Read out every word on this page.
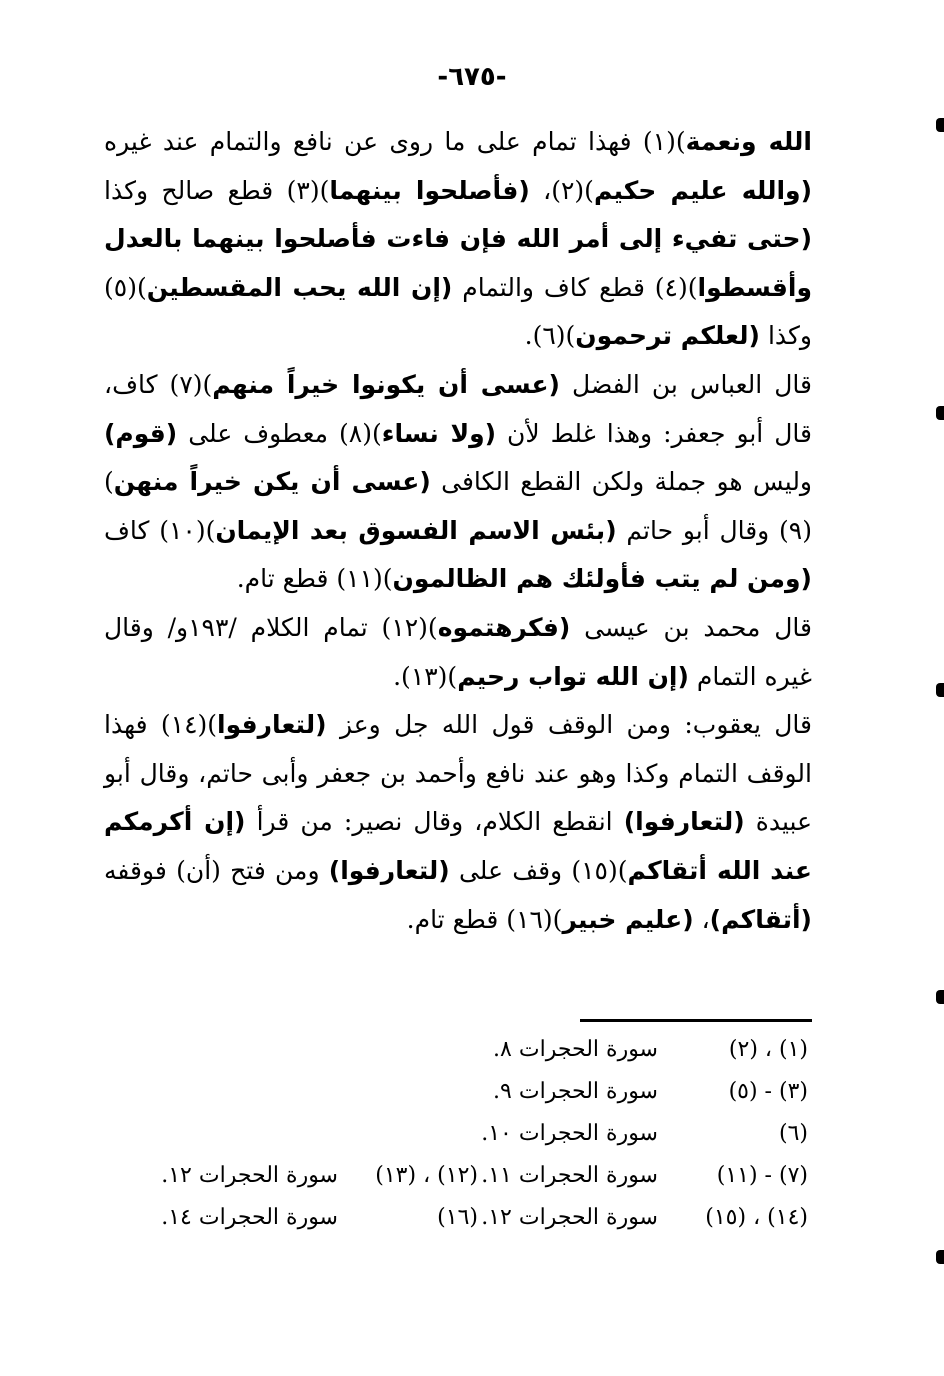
-٦٧٥-

الله ونعمة)(١) فهذا تمام على ما روى عن نافع والتمام عند غيره (والله عليم حكيم)(٢)، (فأصلحوا بينهما)(٣) قطع صالح وكذا (حتى تفيء إلى أمر الله فإن فاءت فأصلحوا بينهما بالعدل وأقسطوا)(٤) قطع كاف والتمام (إن الله يحب المقسطين)(٥) وكذا (لعلكم ترحمون)(٦).

قال العباس بن الفضل (عسى أن يكونوا خيراً منهم)(٧) كاف، قال أبو جعفر: وهذا غلط لأن (ولا نساء)(٨) معطوف على (قوم) وليس هو جملة ولكن القطع الكافى (عسى أن يكن خيراً منهن)(٩) وقال أبو حاتم (بئس الاسم الفسوق بعد الإيمان)(١٠) كاف (ومن لم يتب فأولئك هم الظالمون)(١١) قطع تام.

قال محمد بن عيسى (فكرهتموه)(١٢) تمام الكلام /١٩٣و/ وقال غيره التمام (إن الله تواب رحيم)(١٣).

قال يعقوب: ومن الوقف قول الله جل وعز (لتعارفوا)(١٤) فهذا الوقف التمام وكذا وهو عند نافع وأحمد بن جعفر وأبى حاتم، وقال أبو عبيدة (لتعارفوا) انقطع الكلام، وقال نصير: من قرأ (إن أكرمكم عند الله أتقاكم)(١٥) وقف على (لتعارفوا) ومن فتح (أن) فوقفه (أتقاكم)، (عليم خبير)(١٦) قطع تام.

(١) ، (٢)
سورة الحجرات ٨.
(٣) - (٥)
سورة الحجرات ٩.
(٦)
سورة الحجرات ١٠.
(٧) - (١١)
سورة الحجرات ١١.
(١٢) ، (١٣)
سورة الحجرات ١٢.
(١٤) ، (١٥)
سورة الحجرات ١٢.
(١٦)
سورة الحجرات ١٤.
